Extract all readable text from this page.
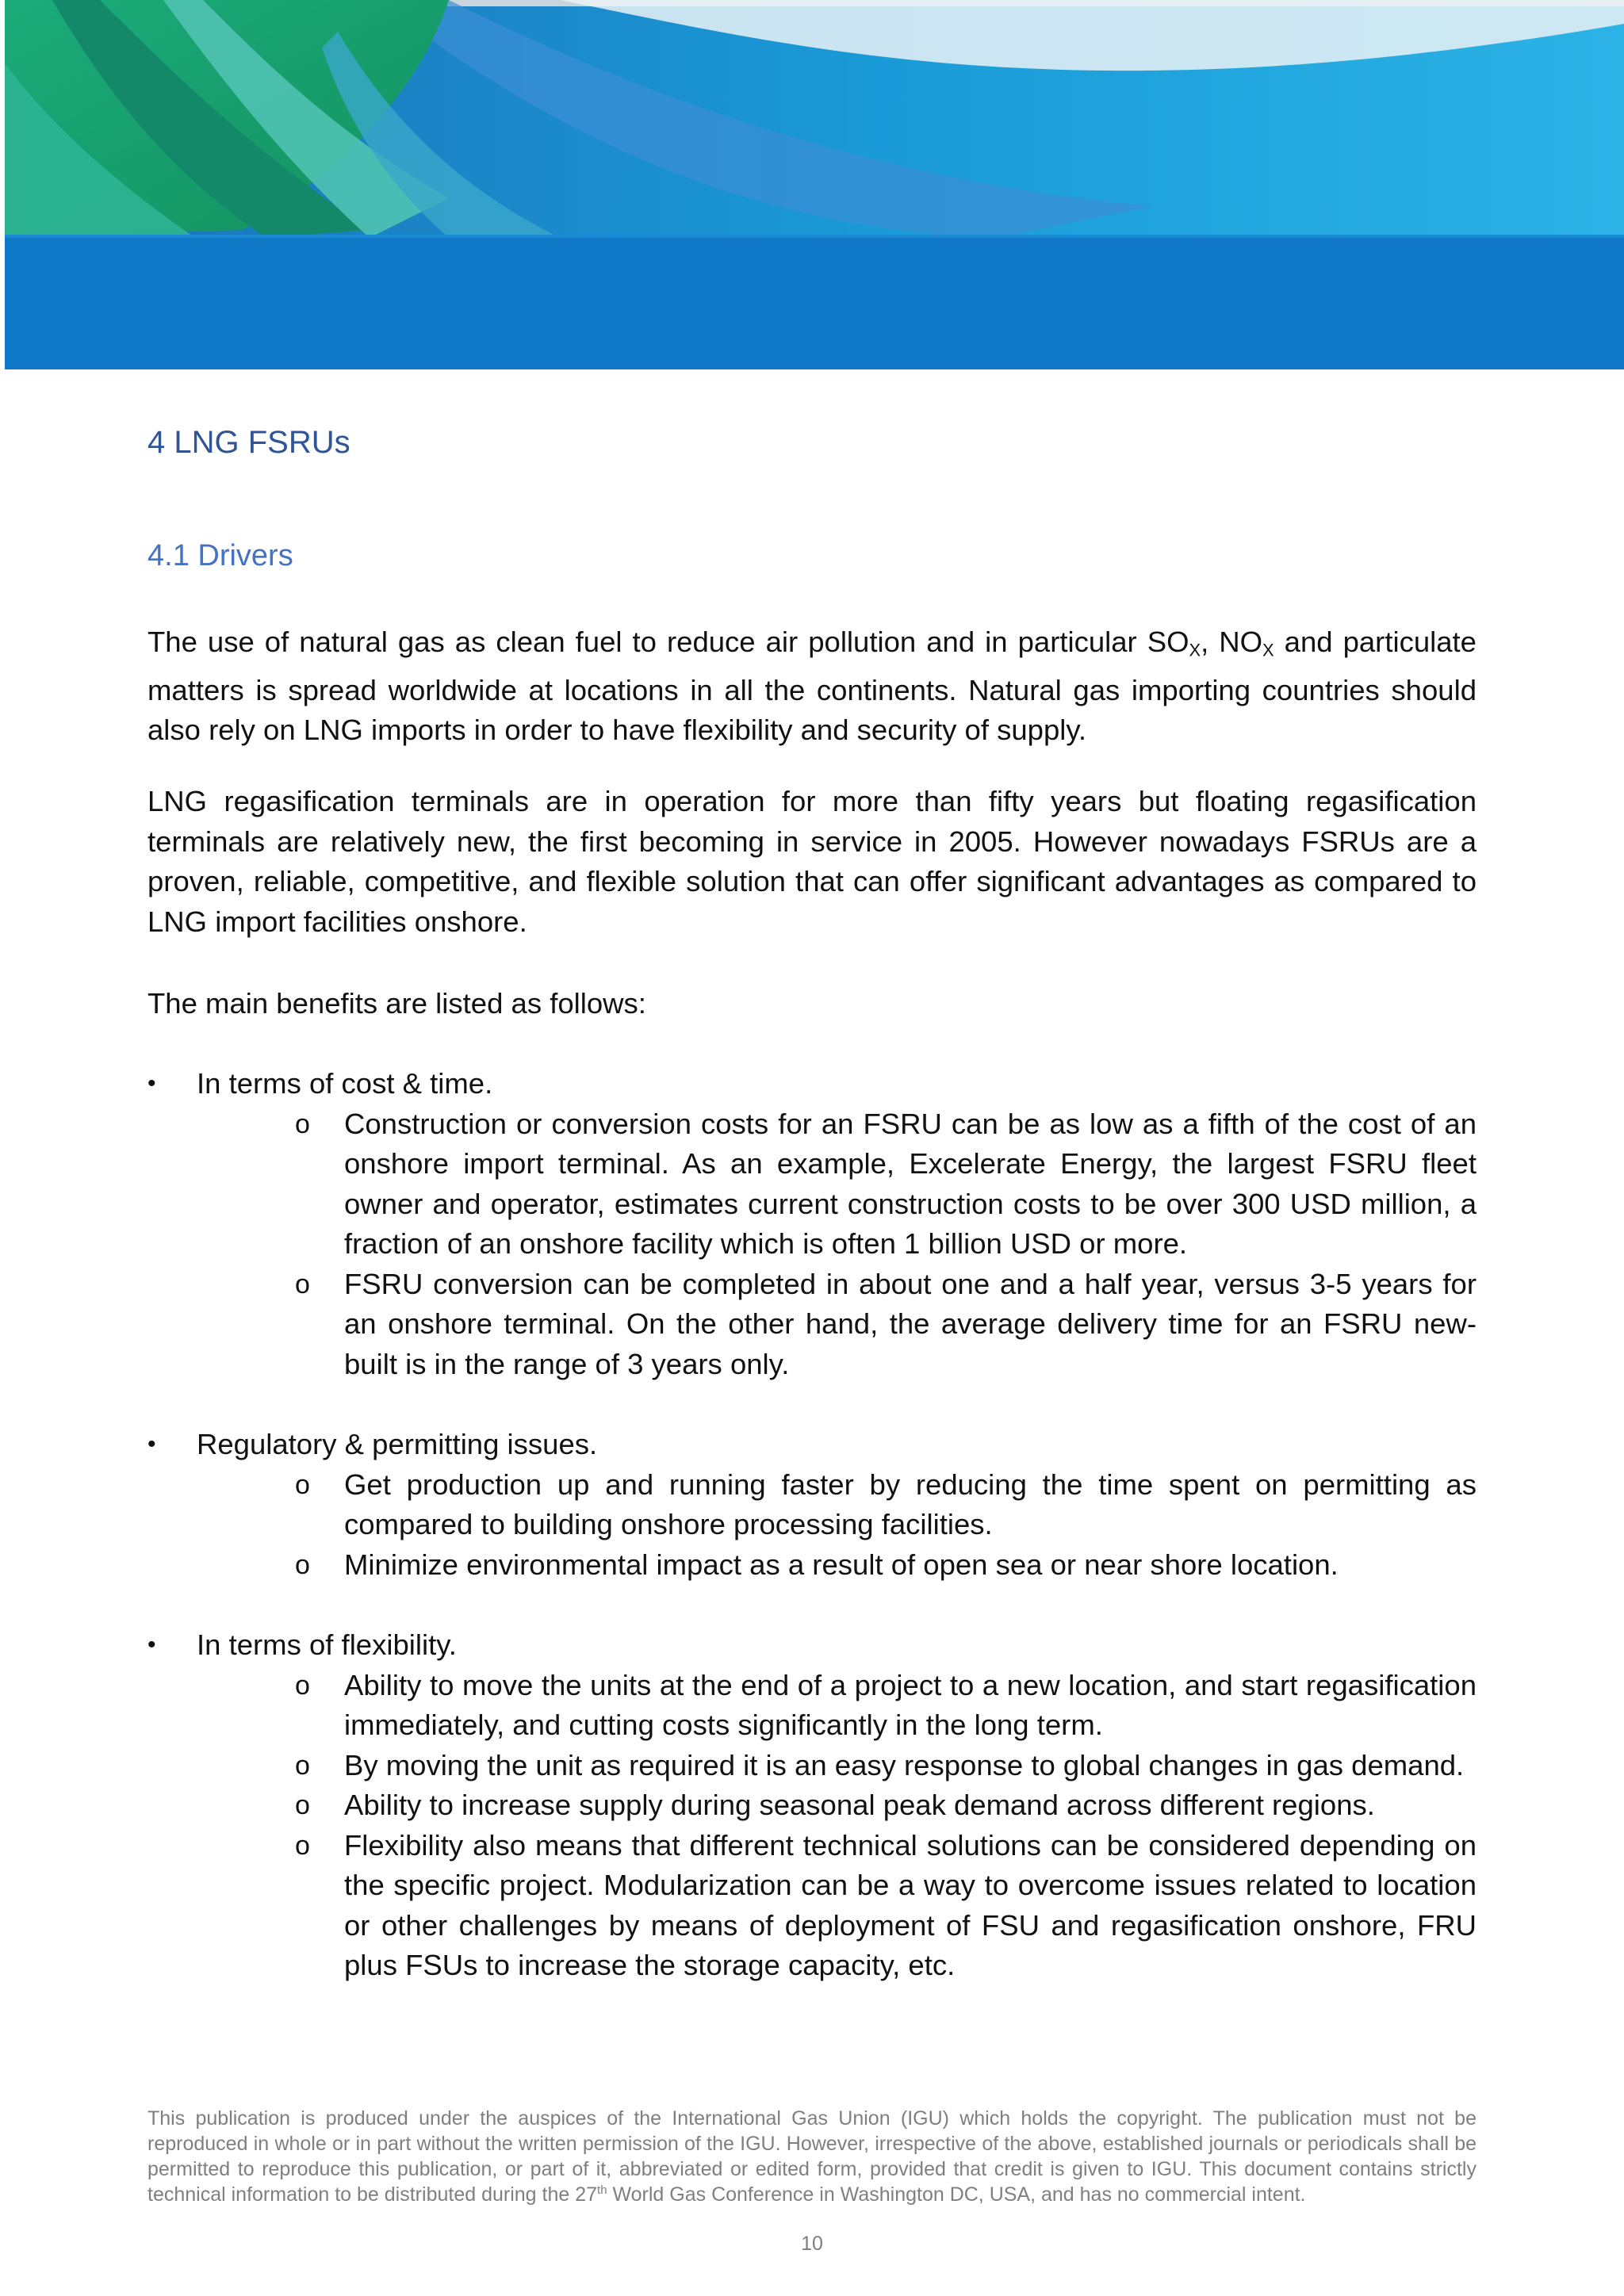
4 LNG FSRUs
4.1 Drivers

The use of natural gas as clean fuel to reduce air pollution and in particular $SO_X$, $NO_X$ and particulate matters is spread worldwide at locations in all the continents. Natural gas importing countries should also rely on LNG imports in order to have flexibility and security of supply.

LNG regasification terminals are in operation for more than fifty years but floating regasification terminals are relatively new, the first becoming in service in 2005. However nowadays FSRUs are a proven, reliable, competitive, and flexible solution that can offer significant advantages as compared to LNG import facilities onshore.

The main benefits are listed as follows:

•	In terms of cost & time.
o Construction or conversion costs for an FSRU can be as low as a fifth of the cost of an onshore import terminal. As an example, Excelerate Energy, the largest FSRU fleet owner and operator, estimates current construction costs to be over 300 USD million, a fraction of an onshore facility which is often 1 billion USD or more.
o FSRU conversion can be completed in about one and a half year, versus 3-5 years for an onshore terminal. On the other hand, the average delivery time for an FSRU new-built is in the range of 3 years only.
•	Regulatory & permitting issues.
o Get production up and running faster by reducing the time spent on permitting as compared to building onshore processing facilities.
o Minimize environmental impact as a result of open sea or near shore location.
•	In terms of flexibility.
o Ability to move the units at the end of a project to a new location, and start regasification immediately, and cutting costs significantly in the long term.
o By moving the unit as required it is an easy response to global changes in gas demand.
o Ability to increase supply during seasonal peak demand across different regions.
o Flexibility also means that different technical solutions can be considered depending on the specific project. Modularization can be a way to overcome issues related to location or other challenges by means of deployment of FSU and regasification onshore, FRU plus FSUs to increase the storage capacity, etc.

This publication is produced under the auspices of the International Gas Union (IGU) which holds the copyright. The publication must not be reproduced in whole or in part without the written permission of the IGU. However, irrespective of the above, established journals or periodicals shall be permitted to reproduce this publication, or part of it, abbreviated or edited form, provided that credit is given to IGU. This document contains strictly technical information to be distributed during the 27th World Gas Conference in Washington DC, USA, and has no commercial intent.

10
